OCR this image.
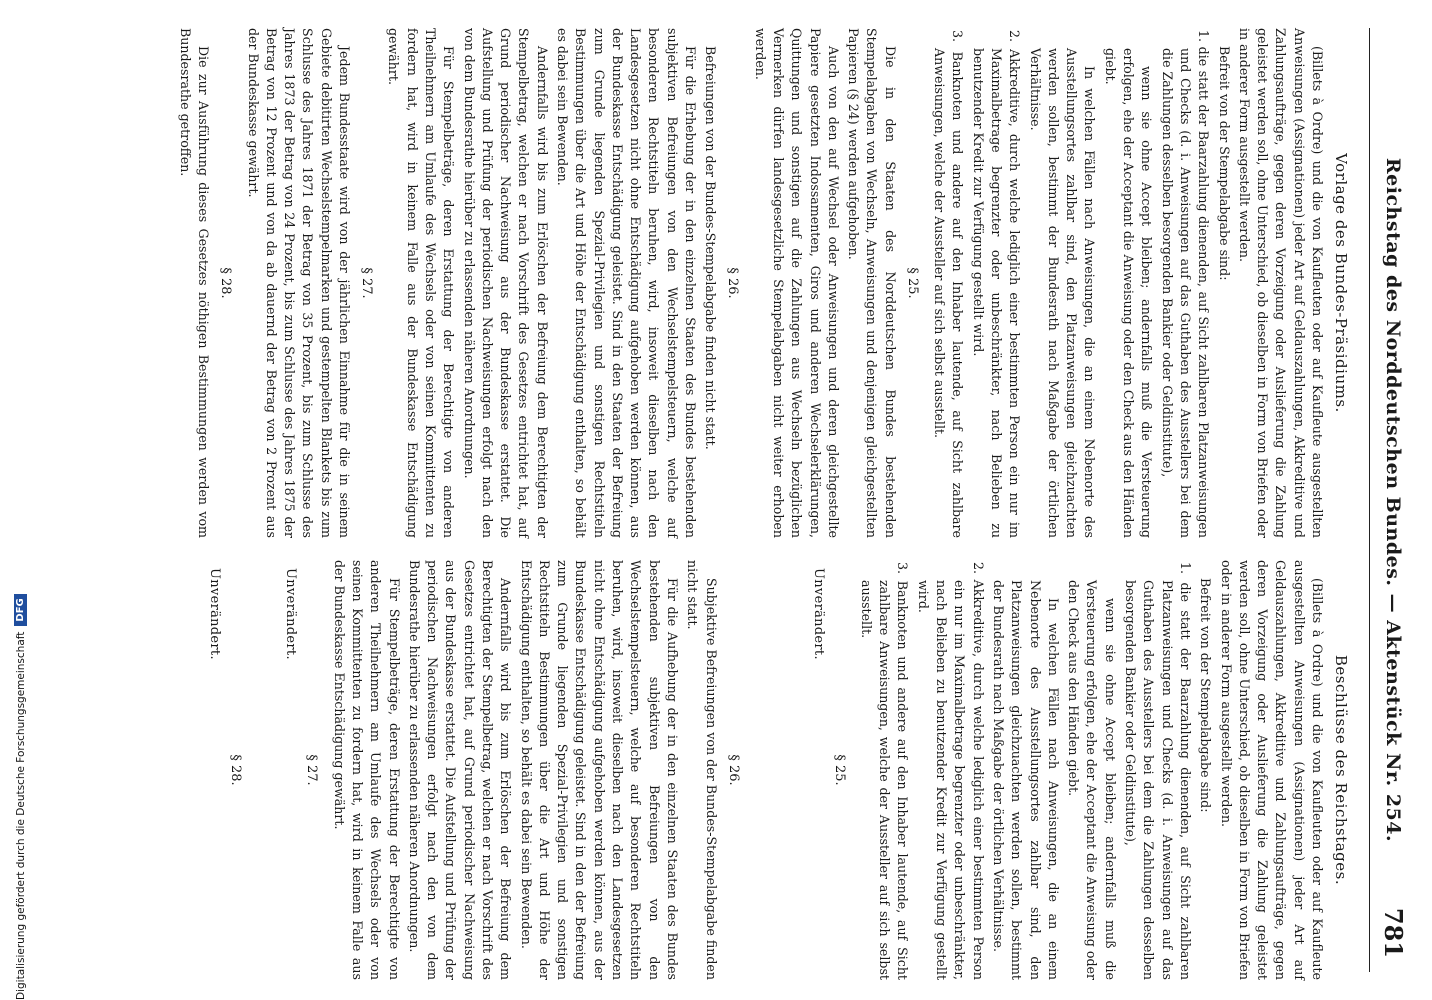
Reichstag des Norddeutschen Bundes. — Aktenstück Nr. 254.
781
Vorlage des Bundes-Präsidiums.

(Billets à Ordre) und die von Kaufleuten oder auf Kaufleute ausgestellten Anweisungen (Assignationen) jeder Art auf Geldauszahlungen, Akkreditive und Zahlungsaufträge, gegen deren Vorzeigung oder Auslieferung die Zahlung geleistet werden soll, ohne Unterschied, ob dieselben in Form von Briefen oder in anderer Form ausgestellt werden.

Befreit von der Stempelabgabe sind:

1. die statt der Baarzahlung dienenden, auf Sicht zahlbaren Platzanweisungen und Checks (d. i. Anweisungen auf das Guthaben des Ausstellers bei dem die Zahlungen desselben besorgenden Bankier oder Geldinstitute),

wenn sie ohne Accept bleiben; andernfalls muß die Versteuerung erfolgen, ehe der Acceptant die Anweisung oder den Check aus den Händen giebt.

In welchen Fällen nach Anweisungen, die an einem Nebenorte des Ausstellungsortes zahlbar sind, den Platzanweisungen gleichzuachten werden sollen, bestimmt der Bundesrath nach Maßgabe der örtlichen Verhältnisse.

2. Akkreditive, durch welche lediglich einer bestimmten Person ein nur im Maximalbetrage begrenzter oder unbeschränkter, nach Belieben zu benutzender Kredit zur Verfügung gestellt wird.

3. Banknoten und andere auf den Inhaber lautende, auf Sicht zahlbare Anweisungen, welche der Aussteller auf sich selbst ausstellt.

§ 25.

Die in den Staaten des Norddeutschen Bundes bestehenden Stempelabgaben von Wechseln, Anweisungen und denjenigen gleichgestellten Papieren (§ 24) werden aufgehoben.

Auch von den auf Wechsel oder Anweisungen und deren gleichgestellte Papiere gesetzten Indossamenten, Giros und anderen Wechselerklärungen, Quittungen und sonstigen auf die Zahlungen aus Wechseln bezüglichen Vermerken dürfen landesgesetzliche Stempelabgaben nicht weiter erhoben werden.

§ 26.

Befreiungen von der Bundes-Stempelabgabe finden nicht statt.

Für die Erhebung der in den einzelnen Staaten des Bundes bestehenden subjektiven Befreiungen von den Wechselstempelsteuern, welche auf besonderen Rechtstiteln beruhen, wird, insoweit dieselben nach den Landesgesetzen nicht ohne Entschädigung aufgehoben werden können, aus der Bundeskasse Entschädigung geleistet. Sind in den Staaten der Befreiung zum Grunde liegenden Spezial-Privilegien und sonstigen Rechtstiteln Bestimmungen über die Art und Höhe der Entschädigung enthalten, so behält es dabei sein Bewenden.

Andernfalls wird bis zum Erlöschen der Befreiung dem Berechtigten der Stempelbetrag, welchen er nach Vorschrift des Gesetzes entrichtet hat, auf Grund periodischer Nachweisung aus der Bundeskasse erstattet. Die Aufstellung und Prüfung der periodischen Nachweisungen erfolgt nach den von dem Bundesrathe hierüber zu erlassenden näheren Anordnungen.

Für Stempelbeträge, deren Erstattung der Berechtigte von anderen Theilnehmern am Umlaufe des Wechsels oder von seinen Kommittenten zu fordern hat, wird in keinem Falle aus der Bundeskasse Entschädigung gewährt.

§ 27.

Jedem Bundesstaate wird von der jährlichen Einnahme für die in seinem Gebiete debitirten Wechselstempelmarken und gestempelten Blankets bis zum Schlusse des Jahres 1871 der Betrag von 35 Prozent, bis zum Schlusse des Jahres 1873 der Betrag von 24 Prozent, bis zum Schlusse des Jahres 1875 der Betrag von 12 Prozent und von da ab dauernd der Betrag von 2 Prozent aus der Bundeskasse gewährt.

§ 28.

Die zur Ausführung dieses Gesetzes nöthigen Bestimmungen werden vom Bundesrathe getroffen.

Beschlüsse des Reichstages.

(Billets à Ordre) und die von Kaufleuten oder auf Kaufleute ausgestellten Anweisungen (Assignationen) jeder Art auf Geldauszahlungen, Akkreditive und Zahlungsaufträge, gegen deren Vorzeigung oder Auslieferung die Zahlung geleistet werden soll, ohne Unterschied, ob dieselben in Form von Briefen oder in anderer Form ausgestellt werden.

Befreit von der Stempelabgabe sind:

1. die statt der Baarzahlung dienenden, auf Sicht zahlbaren Platzanweisungen und Checks (d. i. Anweisungen auf das Guthaben des Ausstellers bei dem die Zahlungen desselben besorgenden Bankier oder Geldinstitute),

wenn sie ohne Accept bleiben; andernfalls muß die Versteuerung erfolgen, ehe der Acceptant die Anweisung oder den Check aus den Händen giebt.

In welchen Fällen nach Anweisungen, die an einem Nebenorte des Ausstellungsortes zahlbar sind, den Platzanweisungen gleichzuachten werden sollen, bestimmt der Bundesrath nach Maßgabe der örtlichen Verhältnisse.

2. Akkreditive, durch welche lediglich einer bestimmten Person ein nur im Maximalbetrage begrenzter oder unbeschränkter, nach Belieben zu benutzender Kredit zur Verfügung gestellt wird.

3. Banknoten und andere auf den Inhaber lautende, auf Sicht zahlbare Anweisungen, welche der Aussteller auf sich selbst ausstellt.

§ 25.
Unverändert.
§ 26.

Subjektive Befreiungen von der Bundes-Stempelabgabe finden nicht statt.

Für die Aufhebung der in den einzelnen Staaten des Bundes bestehenden subjektiven Befreiungen von den Wechselstempelsteuern, welche auf besonderen Rechtstiteln beruhen, wird, insoweit dieselben nach den Landesgesetzen nicht ohne Entschädigung aufgehoben werden können, aus der Bundeskasse Entschädigung geleistet. Sind in den der Befreiung zum Grunde liegenden Spezial-Privilegien und sonstigen Rechtstiteln Bestimmungen über die Art und Höhe der Entschädigung enthalten, so behält es dabei sein Bewenden.

Andernfalls wird bis zum Erlöschen der Befreiung dem Berechtigten der Stempelbetrag, welchen er nach Vorschrift des Gesetzes entrichtet hat, auf Grund periodischer Nachweisung aus der Bundeskasse erstattet. Die Aufstellung und Prüfung der periodischen Nachweisungen erfolgt nach den von dem Bundesrathe hierüber zu erlassenden näheren Anordnungen.

Für Stempelbeträge, deren Erstattung der Berechtigte von anderen Theilnehmern am Umlaufe des Wechsels oder von seinen Kommittenten zu fordern hat, wird in keinem Falle aus der Bundeskasse Entschädigung gewährt.

§ 27.
Unverändert.
§ 28.
Unverändert.
Digitalisierung gefördert durch die Deutsche Forschungsgemeinschaft
DFG
